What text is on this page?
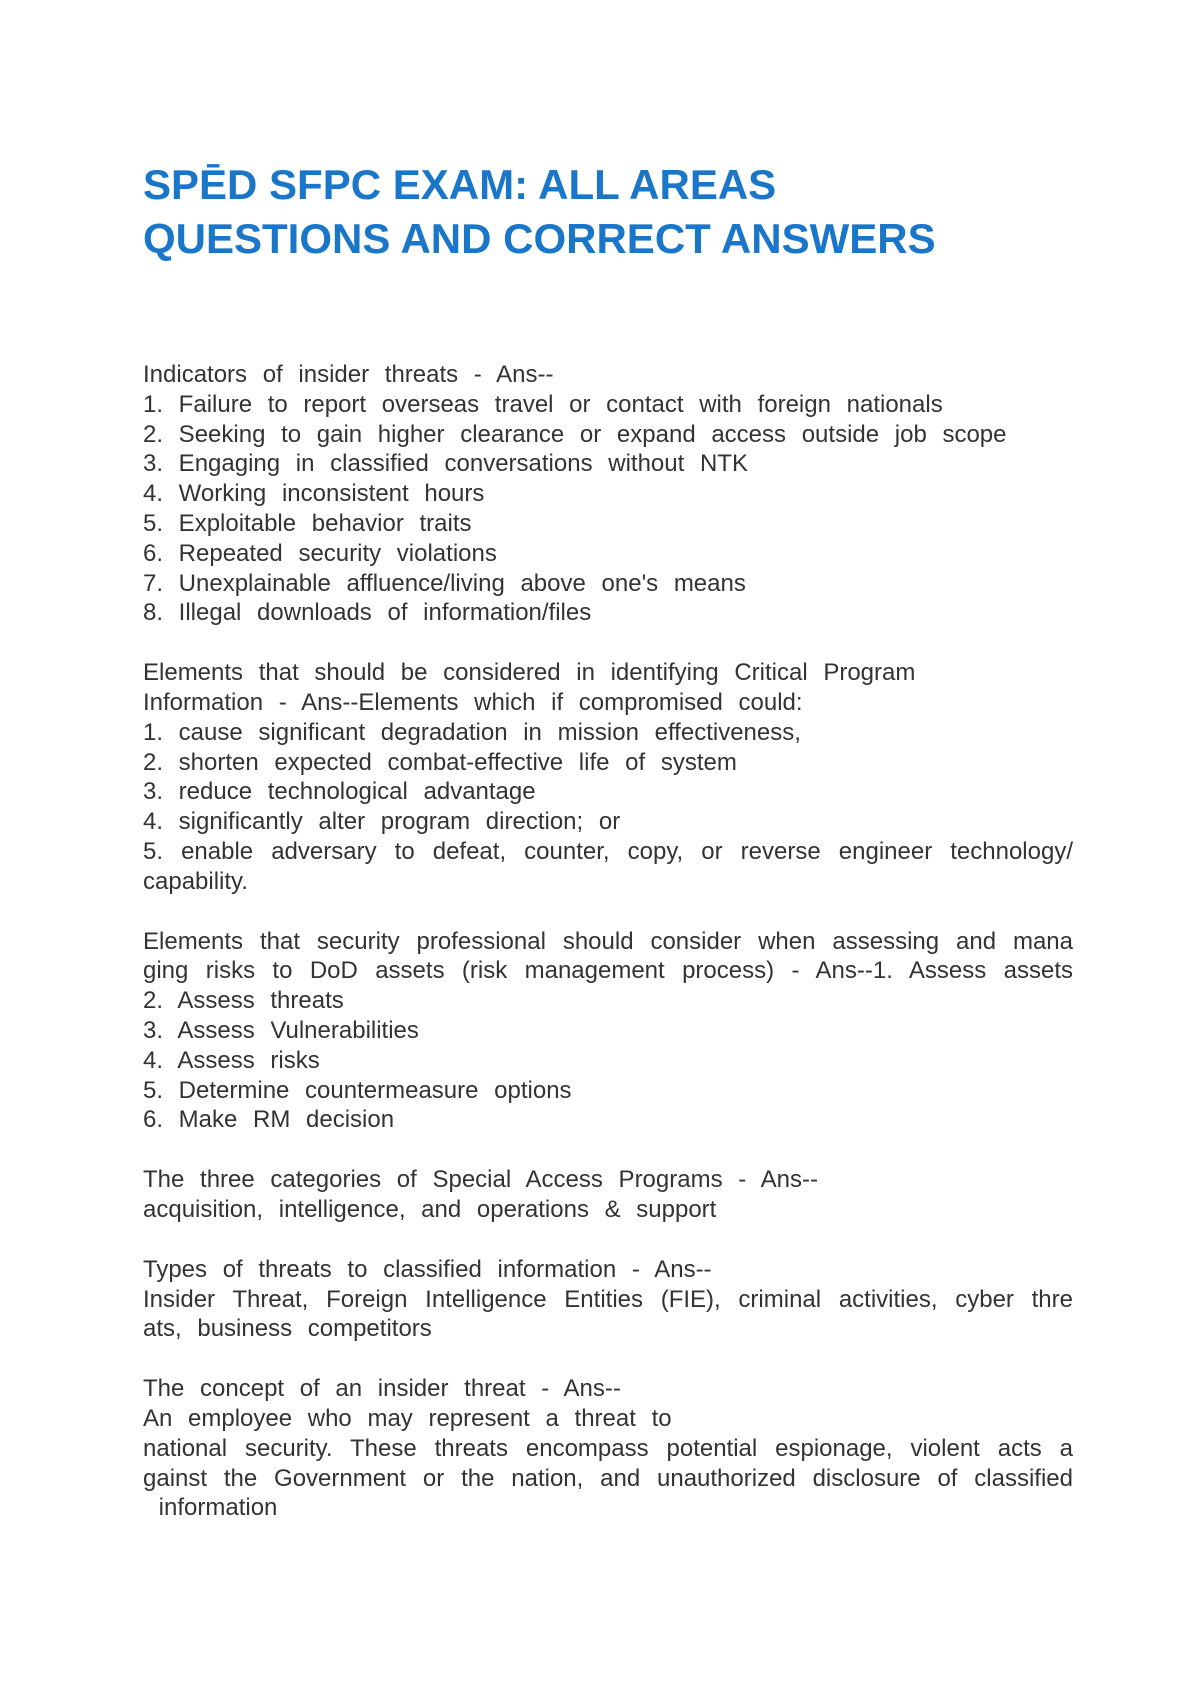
SPĒD SFPC EXAM: ALL AREAS
QUESTIONS AND CORRECT ANSWERS
Indicators of insider threats - Ans--
1. Failure to report overseas travel or contact with foreign nationals
2. Seeking to gain higher clearance or expand access outside job scope
3. Engaging in classified conversations without NTK
4. Working inconsistent hours
5. Exploitable behavior traits
6. Repeated security violations
7. Unexplainable affluence/living above one's means
8. Illegal downloads of information/files
Elements that should be considered in identifying Critical Program
Information - Ans--Elements which if compromised could:
1. cause significant degradation in mission effectiveness,
2. shorten expected combat-effective life of system
3. reduce technological advantage
4. significantly alter program direction; or
5. enable adversary to defeat, counter, copy, or reverse engineer technology/
capability.
Elements that security professional should consider when assessing and mana
ging risks to DoD assets (risk management process) - Ans--1. Assess assets
2. Assess threats
3. Assess Vulnerabilities
4. Assess risks
5. Determine countermeasure options
6. Make RM decision
The three categories of Special Access Programs - Ans--
acquisition, intelligence, and operations & support
Types of threats to classified information - Ans--
Insider Threat, Foreign Intelligence Entities (FIE), criminal activities, cyber thre
ats, business competitors
The concept of an insider threat - Ans--
An employee who may represent a threat to
national security. These threats encompass potential espionage, violent acts a
gainst the Government or the nation, and unauthorized disclosure of classified
information
